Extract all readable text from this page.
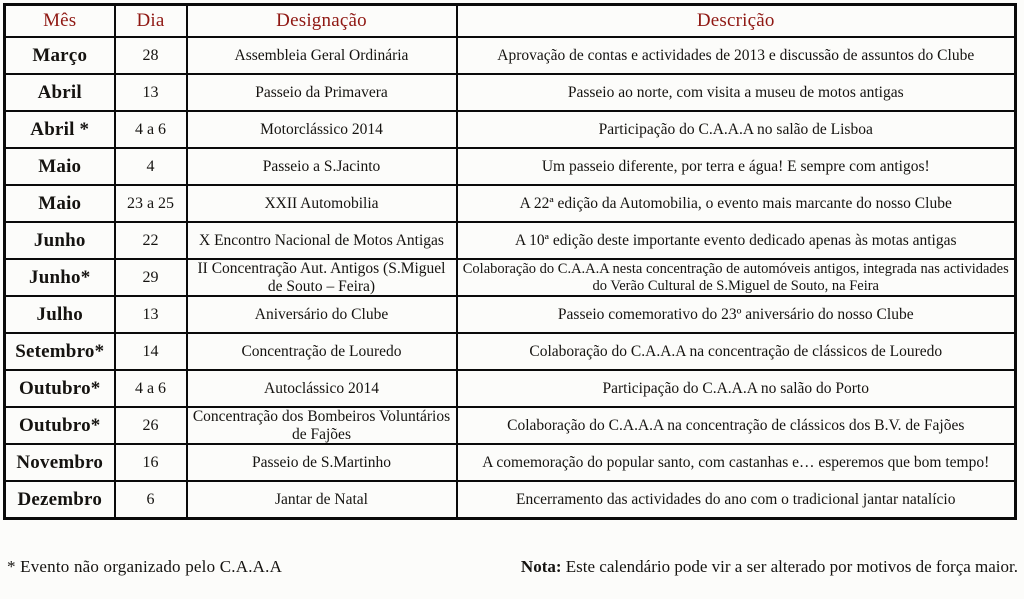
Mês	Dia	Designação	Descrição
Março	28	Assembleia Geral Ordinária	Aprovação de contas e actividades de 2013 e discussão de assuntos do Clube
Abril	13	Passeio da Primavera	Passeio ao norte, com visita a museu de motos antigas
Abril *	4 a 6	Motorclássico 2014	Participação do C.A.A.A no salão de Lisboa
Maio	4	Passeio a S.Jacinto	Um passeio diferente, por terra e água! E sempre com antigos!
Maio	23 a 25	XXII Automobilia	A 22ª edição da Automobilia, o evento mais marcante do nosso Clube
Junho	22	X Encontro Nacional de Motos Antigas	A 10ª edição deste importante evento dedicado apenas às motas antigas
Junho*	29	II Concentração Aut. Antigos (S.Miguel de Souto – Feira)	Colaboração do C.A.A.A nesta concentração de automóveis antigos, integrada nas actividades do Verão Cultural de S.Miguel de Souto, na Feira
Julho	13	Aniversário do Clube	Passeio comemorativo do 23º aniversário do nosso Clube
Setembro*	14	Concentração de Louredo	Colaboração do C.A.A.A na concentração de clássicos de Louredo
Outubro*	4 a 6	Autoclássico 2014	Participação do C.A.A.A no salão do Porto
Outubro*	26	Concentração dos Bombeiros Voluntários de Fajões	Colaboração do C.A.A.A na concentração de clássicos dos B.V. de Fajões
Novembro	16	Passeio de S.Martinho	A comemoração do popular santo, com castanhas e… esperemos que bom tempo!
Dezembro	6	Jantar de Natal	Encerramento das actividades do ano com o tradicional jantar natalício
* Evento não organizado pelo C.A.A.A	Nota: Este calendário pode vir a ser alterado por motivos de força maior.
